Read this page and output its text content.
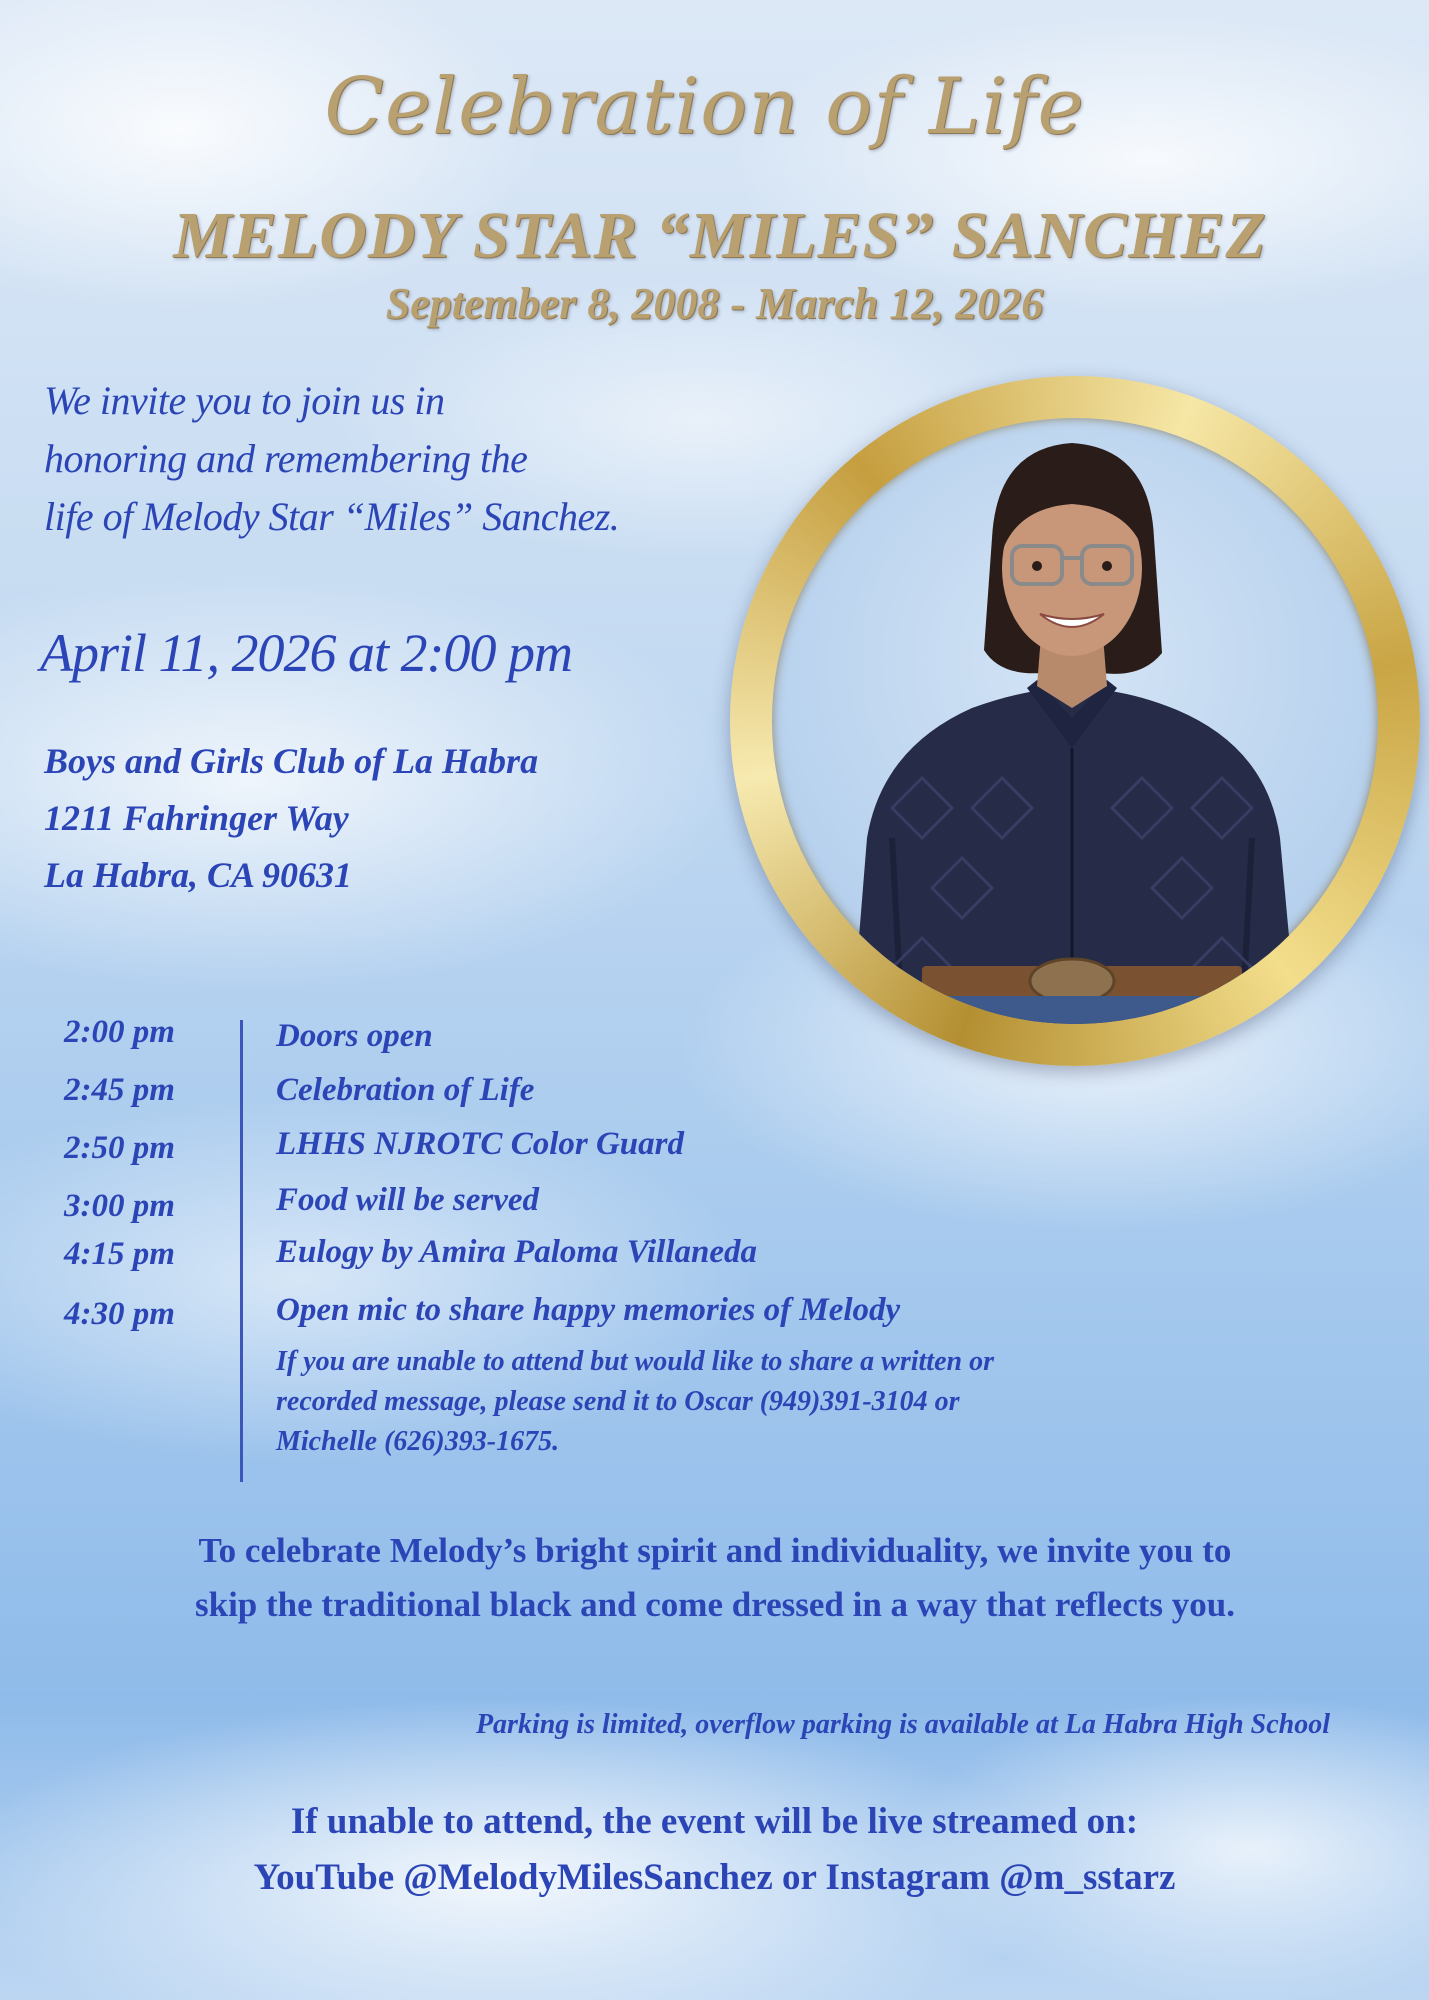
Celebration of Life
MELODY STAR “MILES” SANCHEZ
September 8, 2008 - March 12, 2026
We invite you to join us in
honoring and remembering the
life of Melody Star “Miles” Sanchez.
April 11, 2026 at 2:00 pm
Boys and Girls Club of La Habra
1211 Fahringer Way
La Habra, CA 90631
2:00 pm	Doors open
2:45 pm	Celebration of Life
2:50 pm	LHHS NJROTC Color Guard
3:00 pm	Food will be served
4:15 pm	Eulogy by Amira Paloma Villaneda
4:30 pm	Open mic to share happy memories of Melody
If you are unable to attend but would like to share a written or
recorded message, please send it to Oscar (949)391-3104 or
Michelle (626)393-1675.
To celebrate Melody’s bright spirit and individuality, we invite you to
skip the traditional black and come dressed in a way that reflects you.
Parking is limited, overflow parking is available at La Habra High School
If unable to attend, the event will be live streamed on:
YouTube @MelodyMilesSanchez or Instagram @m_sstarz
